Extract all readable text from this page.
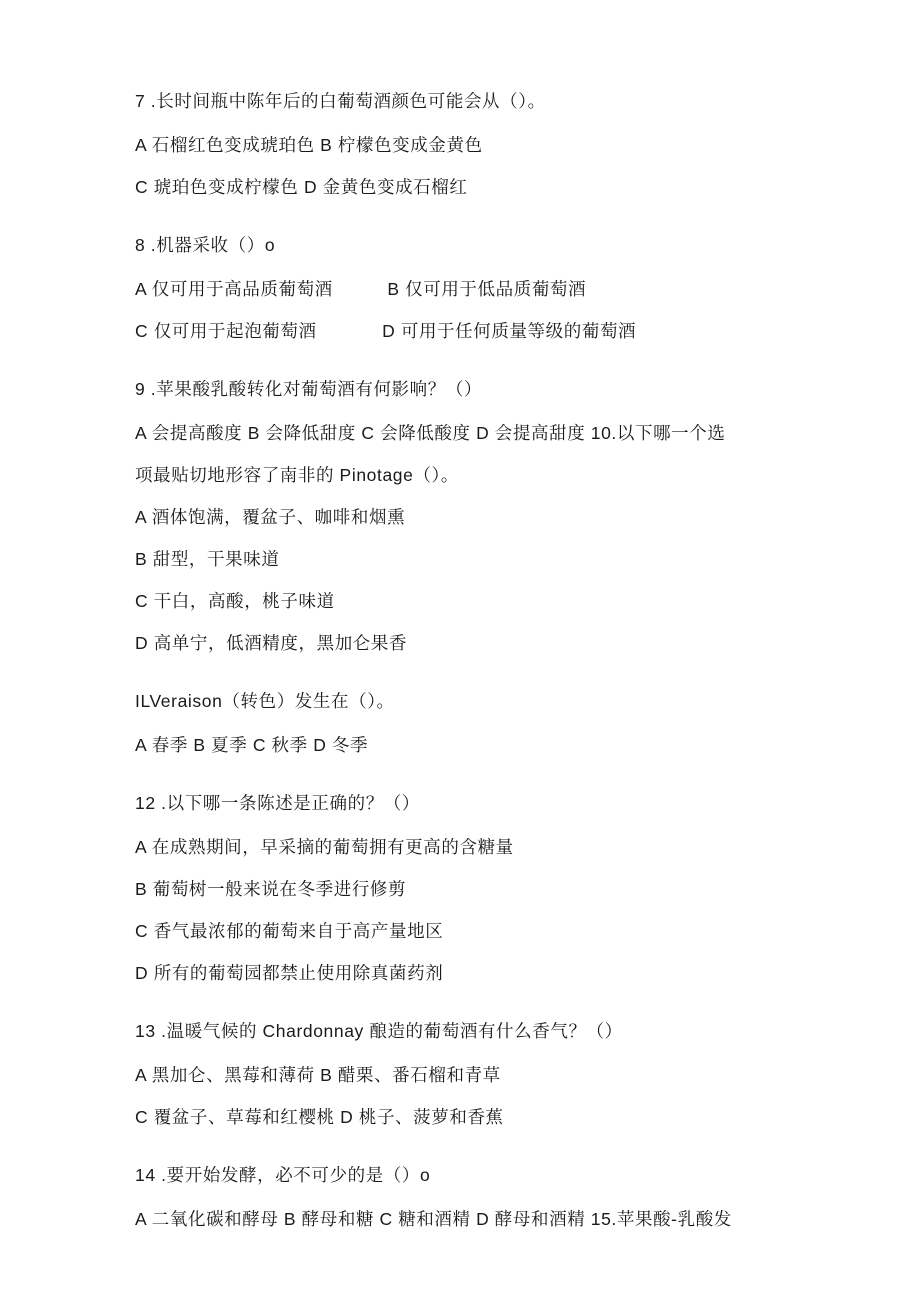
7 .长时间瓶中陈年后的白葡萄酒颜色可能会从（）。

A 石榴红色变成琥珀色 B 柠檬色变成金黄色

C 琥珀色变成柠檬色 D 金黄色变成石榴红

8 .机器采收（）o

A 仅可用于高品质葡萄酒          B 仅可用于低品质葡萄酒

C 仅可用于起泡葡萄酒            D 可用于任何质量等级的葡萄酒

9 .苹果酸乳酸转化对葡萄酒有何影响？（）

A 会提高酸度 B 会降低甜度 C 会降低酸度 D 会提高甜度 10.以下哪一个选

项最贴切地形容了南非的 Pinotage（）。

A 酒体饱满，覆盆子、咖啡和烟熏

B 甜型，干果味道

C 干白，高酸，桃子味道

D 高单宁，低酒精度，黑加仑果香

ILVeraison（转色）发生在（）。

A 春季 B 夏季 C 秋季 D 冬季

12 .以下哪一条陈述是正确的？（）

A 在成熟期间，早采摘的葡萄拥有更高的含糖量

B 葡萄树一般来说在冬季进行修剪

C 香气最浓郁的葡萄来自于高产量地区

D 所有的葡萄园都禁止使用除真菌药剂

13 .温暖气候的 Chardonnay 酿造的葡萄酒有什么香气？（）

A 黑加仑、黑莓和薄荷 B 醋栗、番石榴和青草

C 覆盆子、草莓和红樱桃 D 桃子、菠萝和香蕉

14 .要开始发酵，必不可少的是（）o

A 二氧化碳和酵母 B 酵母和糖 C 糖和酒精 D 酵母和酒精 15.苹果酸-乳酸发
